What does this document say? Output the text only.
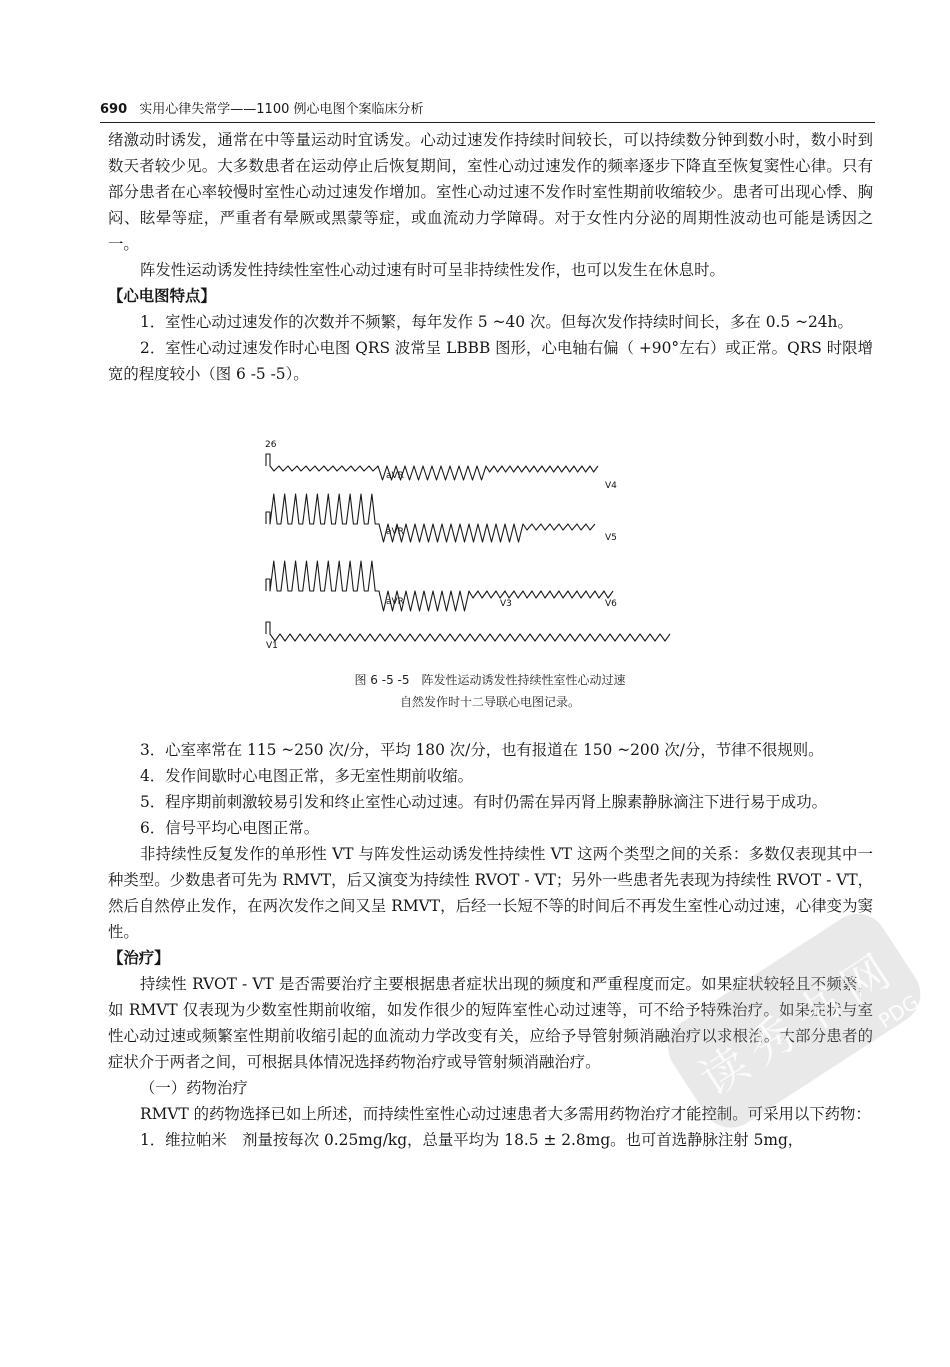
690 实用心律失常学——1100 例心电图个案临床分析

绪激动时诱发，通常在中等量运动时宜诱发。心动过速发作持续时间较长，可以持续数分钟到数小时，数小时到数天者较少见。大多数患者在运动停止后恢复期间，室性心动过速发作的频率逐步下降直至恢复窦性心律。只有部分患者在心率较慢时室性心动过速发作增加。室性心动过速不发作时室性期前收缩较少。患者可出现心悸、胸闷、眩晕等症，严重者有晕厥或黑蒙等症，或血流动力学障碍。对于女性内分泌的周期性波动也可能是诱因之一。

阵发性运动诱发性持续性室性心动过速有时可呈非持续性发作，也可以发生在休息时。

【心电图特点】

1．室性心动过速发作的次数并不频繁，每年发作 5 ~40 次。但每次发作持续时间长，多在 0.5 ~24h。

2．室性心动过速发作时心电图 QRS 波常呈 LBBB 图形，心电轴右偏（ +90°左右）或正常。QRS 时限增宽的程度较小（图 6 -5 -5）。

26
aVR
V4
aVR
V5
aVR	V3	V6
V1
图 6 -5 -5　阵发性运动诱发性持续性室性心动过速
自然发作时十二导联心电图记录。

3．心室率常在 115 ~250 次/分，平均 180 次/分，也有报道在 150 ~200 次/分，节律不很规则。

4．发作间歇时心电图正常，多无室性期前收缩。

5．程序期前刺激较易引发和终止室性心动过速。有时仍需在异丙肾上腺素静脉滴注下进行易于成功。

6．信号平均心电图正常。

非持续性反复发作的单形性 VT 与阵发性运动诱发性持续性 VT 这两个类型之间的关系：多数仅表现其中一种类型。少数患者可先为 RMVT，后又演变为持续性 RVOT - VT；另外一些患者先表现为持续性 RVOT - VT，然后自然停止发作，在两次发作之间又呈 RMVT，后经一长短不等的时间后不再发生室性心动过速，心律变为窦性。

【治疗】

持续性 RVOT - VT 是否需要治疗主要根据患者症状出现的频度和严重程度而定。如果症状较轻且不频繁，如 RMVT 仅表现为少数室性期前收缩，如发作很少的短阵室性心动过速等，可不给予特殊治疗。如果症状与室性心动过速或频繁室性期前收缩引起的血流动力学改变有关，应给予导管射频消融治疗以求根治。大部分患者的症状介于两者之间，可根据具体情况选择药物治疗或导管射频消融治疗。

（一）药物治疗

RMVT 的药物选择已如上所述，而持续性室性心动过速患者大多需用药物治疗才能控制。可采用以下药物：

1．维拉帕米　剂量按每次 0.25mg/kg，总量平均为 18.5 ± 2.8mg。也可首选静脉注射 5mg，

读
秀
书
网
PDG
